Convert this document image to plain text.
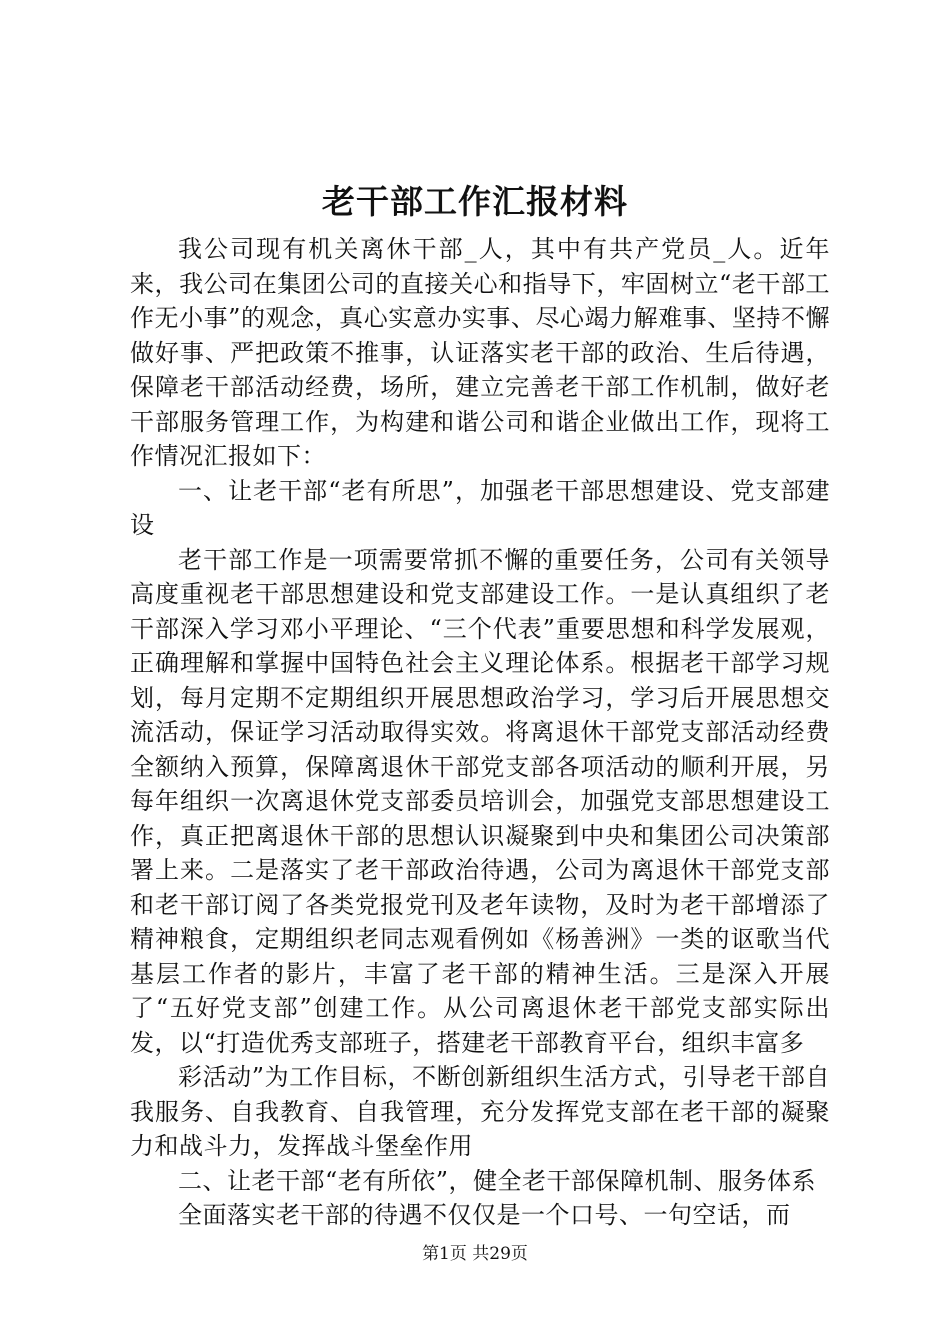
老干部工作汇报材料

我公司现有机关离休干部_人，其中有共产党员_人。近年来，我公司在集团公司的直接关心和指导下，牢固树立“老干部工作无小事”的观念，真心实意办实事、尽心竭力解难事、坚持不懈做好事、严把政策不推事，认证落实老干部的政治、生后待遇，保障老干部活动经费，场所，建立完善老干部工作机制，做好老干部服务管理工作，为构建和谐公司和谐企业做出工作，现将工作情况汇报如下：

一、让老干部“老有所思”，加强老干部思想建设、党支部建设

老干部工作是一项需要常抓不懈的重要任务，公司有关领导高度重视老干部思想建设和党支部建设工作。一是认真组织了老干部深入学习邓小平理论、“三个代表”重要思想和科学发展观，正确理解和掌握中国特色社会主义理论体系。根据老干部学习规划，每月定期不定期组织开展思想政治学习，学习后开展思想交流活动，保证学习活动取得实效。将离退休干部党支部活动经费全额纳入预算，保障离退休干部党支部各项活动的顺利开展，另每年组织一次离退休党支部委员培训会，加强党支部思想建设工作，真正把离退休干部的思想认识凝聚到中央和集团公司决策部署上来。二是落实了老干部政治待遇，公司为离退休干部党支部和老干部订阅了各类党报党刊及老年读物，及时为老干部增添了精神粮食，定期组织老同志观看例如《杨善洲》一类的讴歌当代基层工作者的影片，丰富了老干部的精神生活。三是深入开展了“五好党支部”创建工作。从公司离退休老干部党支部实际出发，以“打造优秀支部班子，搭建老干部教育平台，组织丰富多

彩活动”为工作目标，不断创新组织生活方式，引导老干部自我服务、自我教育、自我管理，充分发挥党支部在老干部的凝聚力和战斗力，发挥战斗堡垒作用

二、让老干部“老有所依”，健全老干部保障机制、服务体系

全面落实老干部的待遇不仅仅是一个口号、一句空话，而

第1页 共29页
